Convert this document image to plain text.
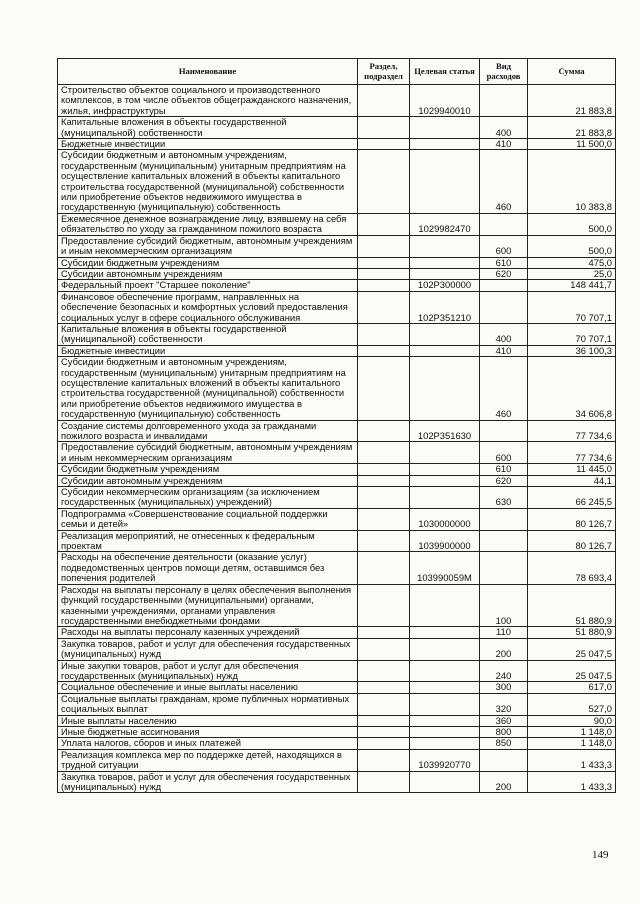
Наименование	Раздел, подраздел	Целевая статья	Вид расходов	Сумма
Строительство объектов социального и производственного комплексов, в том числе объектов общегражданского назначения, жилья, инфраструктуры		1029940010		21 883,8
Капитальные вложения в объекты государственной (муниципальной) собственности			400	21 883,8
Бюджетные инвестиции			410	11 500,0
Субсидии бюджетным и автономным учреждениям, государственным (муниципальным) унитарным предприятиям на осуществление капитальных вложений в объекты капитального строительства государственной (муниципальной) собственности или приобретение объектов недвижимого имущества в государственную (муниципальную) собственность			460	10 383,8
Ежемесячное денежное вознаграждение лицу, взявшему на себя обязательство по уходу за гражданином пожилого возраста		1029982470		500,0
Предоставление субсидий бюджетным, автономным учреждениям и иным некоммерческим организациям			600	500,0
Субсидии бюджетным учреждениям			610	475,0
Субсидии автономным учреждениям			620	25,0
Федеральный проект "Старшее поколение"		102Р300000		148 441,7
Финансовое обеспечение программ, направленных на обеспечение безопасных и комфортных условий предоставления социальных услуг в сфере социального обслуживания		102Р351210		70 707,1
Капитальные вложения в объекты государственной (муниципальной) собственности			400	70 707,1
Бюджетные инвестиции			410	36 100,3
Субсидии бюджетным и автономным учреждениям, государственным (муниципальным) унитарным предприятиям на осуществление капитальных вложений в объекты капитального строительства государственной (муниципальной) собственности или приобретение объектов недвижимого имущества в государственную (муниципальную) собственность			460	34 606,8
Создание системы долговременного ухода за гражданами пожилого возраста и инвалидами		102Р351630		77 734,6
Предоставление субсидий бюджетным, автономным учреждениям и иным некоммерческим организациям			600	77 734,6
Субсидии бюджетным учреждениям			610	11 445,0
Субсидии автономным учреждениям			620	44,1
Субсидии некоммерческим организациям (за исключением государственных (муниципальных) учреждений)			630	66 245,5
Подпрограмма «Совершенствование социальной поддержки семьи и детей»		1030000000		80 126,7
Реализация мероприятий, не отнесенных к федеральным проектам		1039900000		80 126,7
Расходы на обеспечение деятельности (оказание услуг) подведомственных центров помощи детям, оставшимся без попечения родителей		103990059М		78 693,4
Расходы на выплаты персоналу в целях обеспечения выполнения функций государственными (муниципальными) органами, казенными учреждениями, органами управления государственными внебюджетными фондами			100	51 880,9
Расходы на выплаты персоналу казенных учреждений			110	51 880,9
Закупка товаров, работ и услуг для обеспечения государственных (муниципальных) нужд			200	25 047,5
Иные закупки товаров, работ и услуг для обеспечения государственных (муниципальных) нужд			240	25 047,5
Социальное обеспечение и иные выплаты населению			300	617,0
Социальные выплаты гражданам, кроме публичных нормативных социальных выплат			320	527,0
Иные выплаты населению			360	90,0
Иные бюджетные ассигнования			800	1 148,0
Уплата налогов, сборов и иных платежей			850	1 148,0
Реализация комплекса мер по поддержке детей, находящихся в трудной ситуации		1039920770		1 433,3
Закупка товаров, работ и услуг для обеспечения государственных (муниципальных) нужд			200	1 433,3
149
